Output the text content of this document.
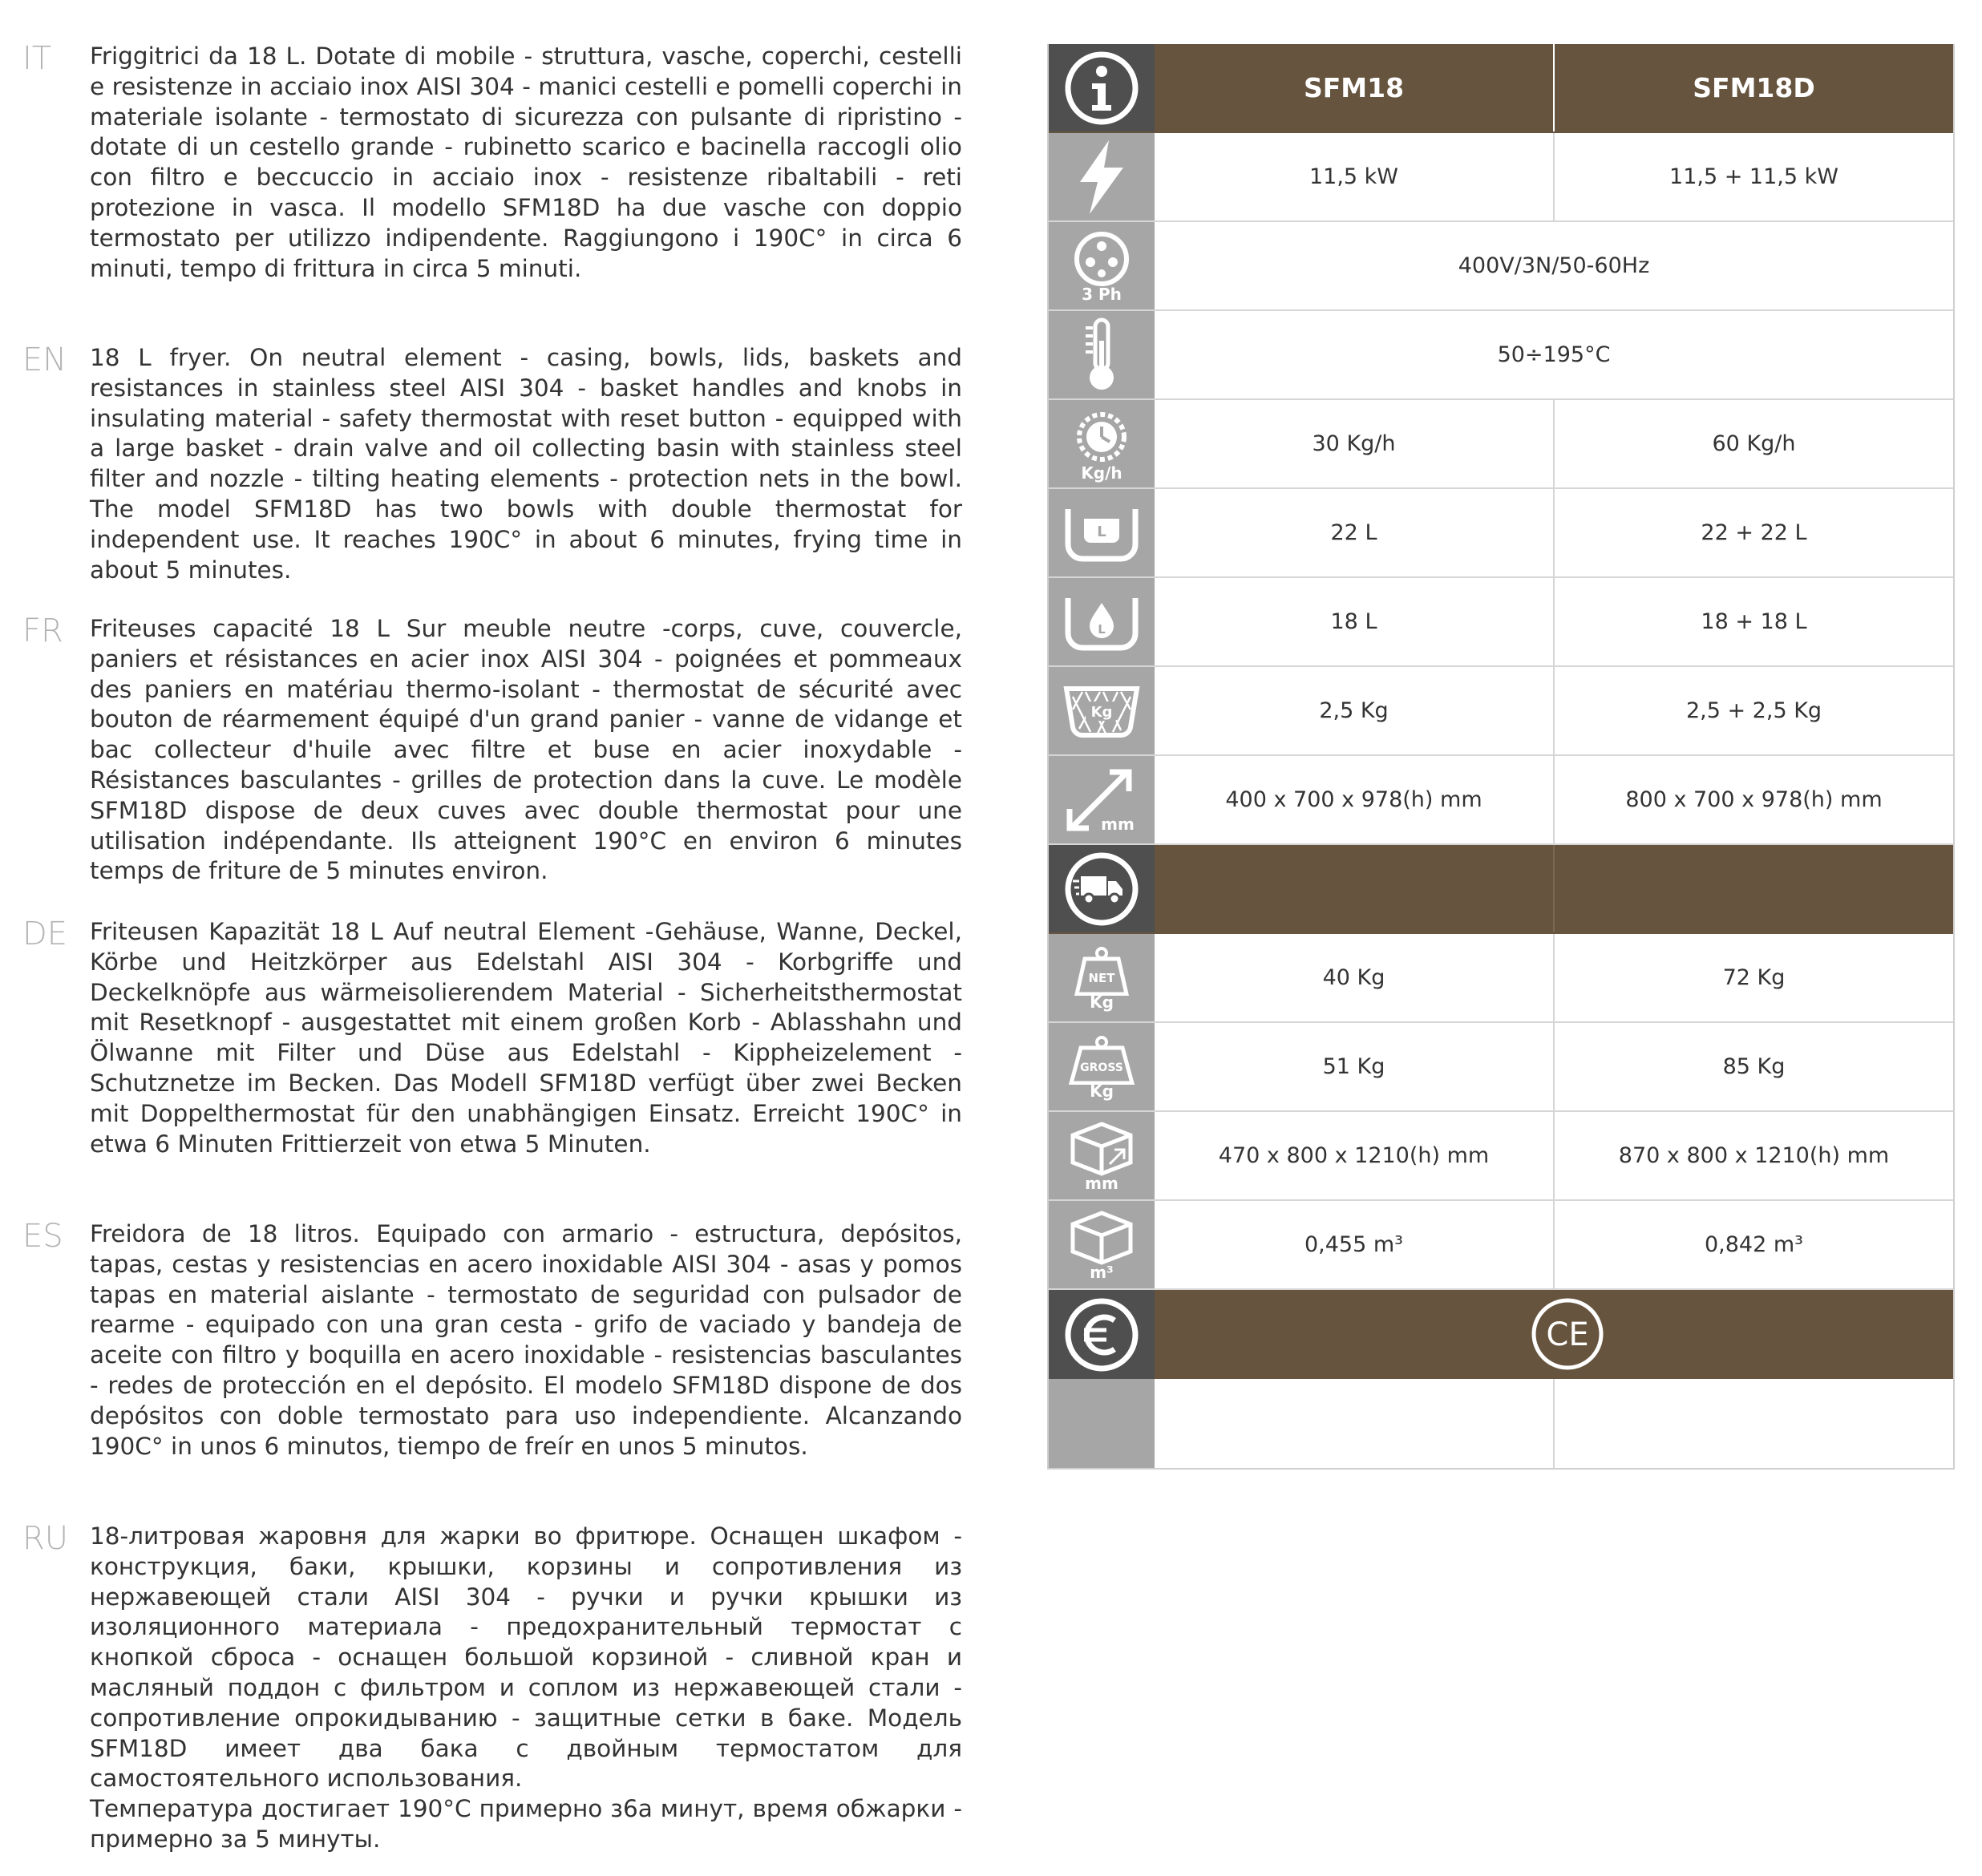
IT	Friggitrici da 18 L. Dotate di mobile - struttura, vasche, coperchi, cestelli e resistenze in acciaio inox AISI 304 - manici cestelli e pomelli coperchi in materiale isolante - termostato di sicurezza con pulsante di ripristino - dotate di un cestello grande - rubinetto scarico e bacinella raccogli olio con filtro e beccuccio in acciaio inox - resistenze ribaltabili - reti protezione in vasca. Il modello SFM18D ha due vasche con doppio termostato per utilizzo indipendente. Raggiungono i 190C° in circa 6 minuti, tempo di frittura in circa 5 minuti.
EN 18 L fryer. On neutral element - casing, bowls, lids, baskets and resistances in stainless steel AISI 304 - basket handles and knobs in insulating material - safety thermostat with reset button - equipped with a large basket - drain valve and oil collecting basin with stainless steel filter and nozzle - tilting heating elements - protection nets in the bowl. The model SFM18D has two bowls with double thermostat for independent use. It reaches 190C° in about 6 minutes, frying time in about 5 minutes.
FR	Friteuses capacité 18 L Sur meuble neutre -corps, cuve, couvercle, paniers et résistances en acier inox AISI 304 - poignées et pommeaux des paniers en matériau thermo-isolant - thermostat de sécurité avec bouton de réarmement équipé d'un grand panier - vanne de vidange et bac collecteur d'huile avec filtre et buse en acier inoxydable - Résistances basculantes - grilles de protection dans la cuve. Le modèle SFM18D dispose de deux cuves avec double thermostat pour une utilisation indépendante. Ils atteignent 190°C en environ 6 minutes temps de friture de 5 minutes environ.
DE Friteusen Kapazität 18 L Auf neutral Element -Gehäuse, Wanne, Deckel, Körbe und Heitzkörper aus Edelstahl AISI 304 - Korbgriffe und Deckelknöpfe aus wärmeisolierendem Material - Sicherheitsthermostat mit Resetknopf - ausgestattet mit einem großen Korb - Ablasshahn und Ölwanne mit Filter und Düse aus Edelstahl - Kippheizelement - Schutznetze im Becken. Das Modell SFM18D verfügt über zwei Becken mit Doppelthermostat für den unabhängigen Einsatz. Erreicht 190C° in etwa 6 Minuten Frittierzeit von etwa 5 Minuten.
ES	Freidora de 18 litros. Equipado con armario - estructura, depósitos, tapas, cestas y resistencias en acero inoxidable AISI 304 - asas y pomos tapas en material aislante - termostato de seguridad con pulsador de rearme - equipado con una gran cesta - grifo de vaciado y bandeja de aceite con filtro y boquilla en acero inoxidable - resistencias basculantes - redes de protección en el depósito. El modelo SFM18D dispone de dos depósitos con doble termostato para uso independiente. Alcanzando 190C° in unos 6 minutos, tiempo de freír en unos 5 minutos.
RU 18-литровая жаровня для жарки во фритюре. Оснащен шкафом - конструкция, баки, крышки, корзины и сопротивления из нержавеющей стали AISI 304 - ручки и ручки крышки из изоляционного материала - предохранительный термостат с кнопкой сброса - оснащен большой корзиной - сливной кран и масляный поддон с фильтром и соплом из нержавеющей стали - сопротивление опрокидыванию - защитные сетки в баке. Модель SFM18D имеет два бака с двойным термостатом для самостоятельного использования.
Температура достигает 190°C примерно з6а минут, время обжарки - примерно за 5 минуты.
SFM18	SFM18D
11,5 kW	11,5 + 11,5 kW
3 Ph
400V/3N/50-60Hz
50÷195°C
Kg/h
30 Kg/h	60 Kg/h
L	22 L	22 + 22 L
L	18 L	18 + 18 L
Kg	2,5 Kg	2,5 + 2,5 Kg
mm
400 x 700 x 978(h) mm	800 x 700 x 978(h) mm
NET
Kg
40 Kg	72 Kg
GROSS
Kg
51 Kg	85 Kg
mm
470 x 800 x 1210(h) mm	870 x 800 x 1210(h) mm
m³
0,455 m³	0,842 m³
CE
